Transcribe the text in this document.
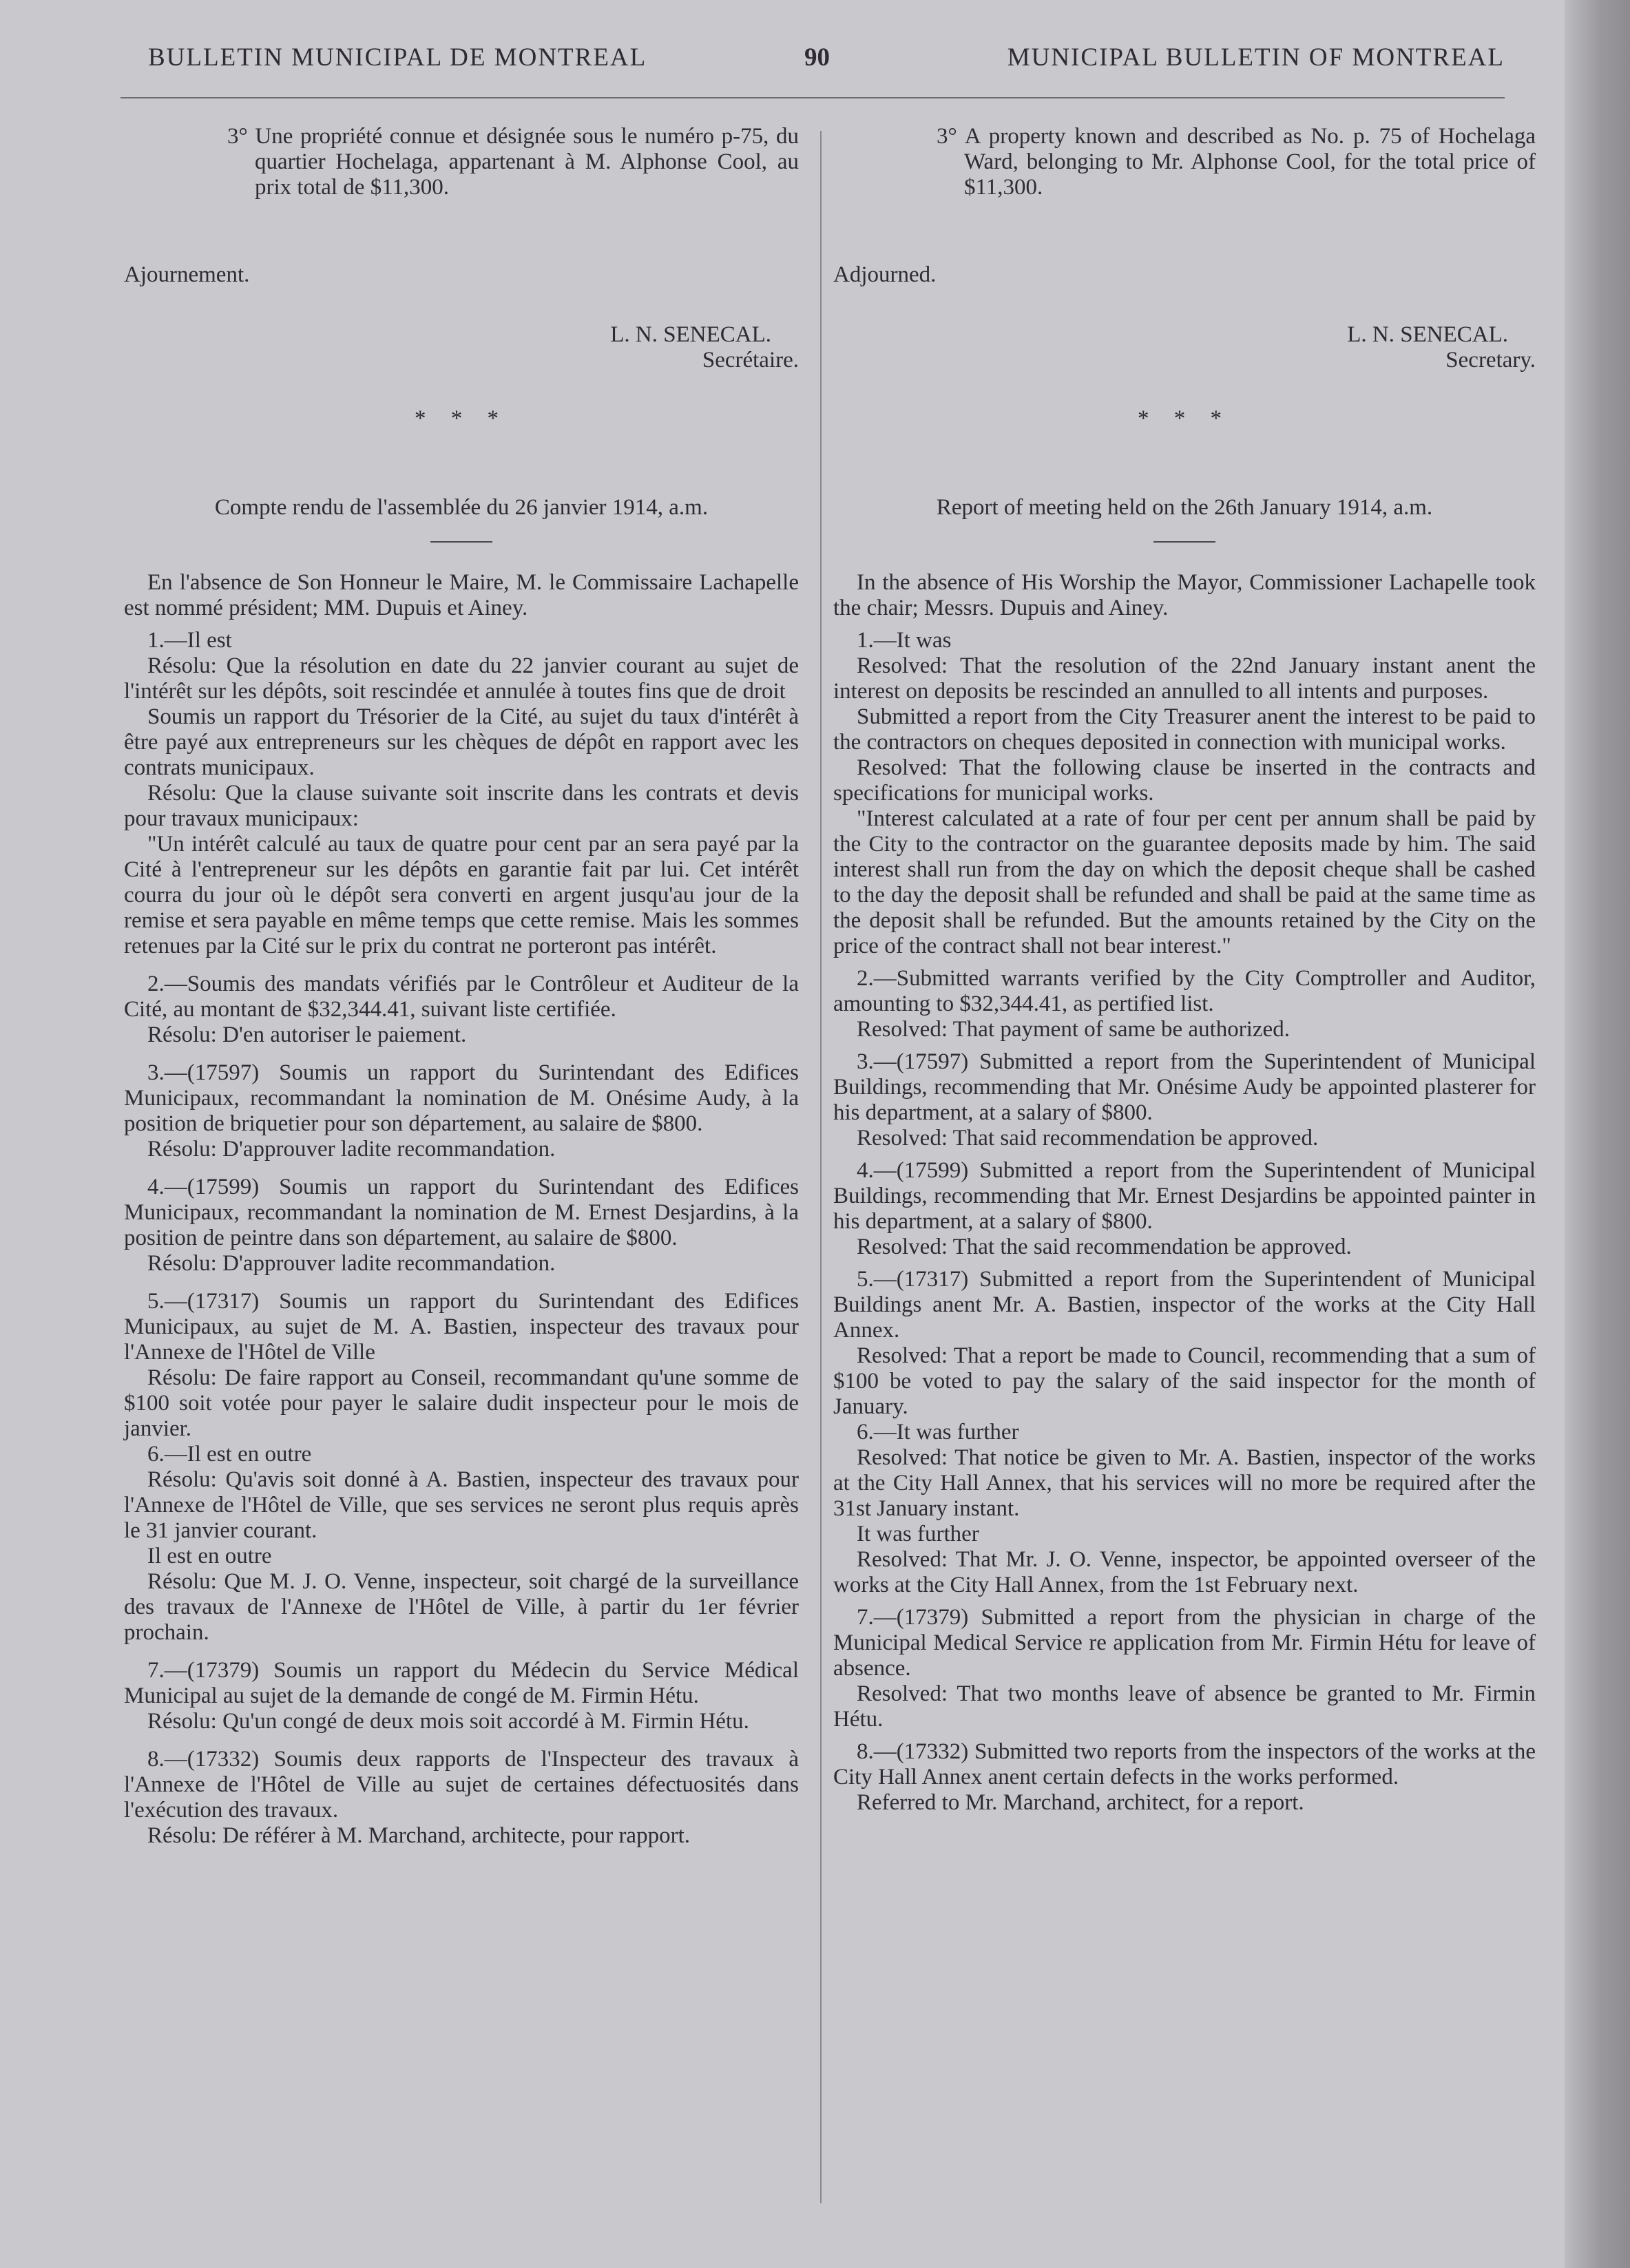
BULLETIN MUNICIPAL DE MONTREAL	90	MUNICIPAL BULLETIN OF MONTREAL

3° Une propriété connue et désignée sous le numéro p-75, du quartier Hochelaga, appartenant à M. Alphonse Cool, au prix total de $11,300.

Ajournement.

L. N. SENECAL.

Secrétaire.

* * *

Compte rendu de l'assemblée du 26 janvier 1914, a.m.

En l'absence de Son Honneur le Maire, M. le Commissaire Lachapelle est nommé président; MM. Dupuis et Ainey.

1.—Il est

Résolu: Que la résolution en date du 22 janvier courant au sujet de l'intérêt sur les dépôts, soit rescindée et annulée à toutes fins que de droit

Soumis un rapport du Trésorier de la Cité, au sujet du taux d'intérêt à être payé aux entrepreneurs sur les chèques de dépôt en rapport avec les contrats municipaux.

Résolu: Que la clause suivante soit inscrite dans les contrats et devis pour travaux municipaux:

"Un intérêt calculé au taux de quatre pour cent par an sera payé par la Cité à l'entrepreneur sur les dépôts en garantie fait par lui. Cet intérêt courra du jour où le dépôt sera converti en argent jusqu'au jour de la remise et sera payable en même temps que cette remise. Mais les sommes retenues par la Cité sur le prix du contrat ne porteront pas intérêt.

2.—Soumis des mandats vérifiés par le Contrôleur et Auditeur de la Cité, au montant de $32,344.41, suivant liste certifiée.

Résolu: D'en autoriser le paiement.

3.—(17597) Soumis un rapport du Surintendant des Edifices Municipaux, recommandant la nomination de M. Onésime Audy, à la position de briquetier pour son département, au salaire de $800.

Résolu: D'approuver ladite recommandation.

4.—(17599) Soumis un rapport du Surintendant des Edifices Municipaux, recommandant la nomination de M. Ernest Desjardins, à la position de peintre dans son département, au salaire de $800.

Résolu: D'approuver ladite recommandation.

5.—(17317) Soumis un rapport du Surintendant des Edifices Municipaux, au sujet de M. A. Bastien, inspecteur des travaux pour l'Annexe de l'Hôtel de Ville

Résolu: De faire rapport au Conseil, recommandant qu'une somme de $100 soit votée pour payer le salaire dudit inspecteur pour le mois de janvier.

6.—Il est en outre

Résolu: Qu'avis soit donné à A. Bastien, inspecteur des travaux pour l'Annexe de l'Hôtel de Ville, que ses services ne seront plus requis après le 31 janvier courant.

Il est en outre

Résolu: Que M. J. O. Venne, inspecteur, soit chargé de la surveillance des travaux de l'Annexe de l'Hôtel de Ville, à partir du 1er février prochain.

7.—(17379) Soumis un rapport du Médecin du Service Médical Municipal au sujet de la demande de congé de M. Firmin Hétu.

Résolu: Qu'un congé de deux mois soit accordé à M. Firmin Hétu.

8.—(17332) Soumis deux rapports de l'Inspecteur des travaux à l'Annexe de l'Hôtel de Ville au sujet de certaines défectuosités dans l'exécution des travaux.

Résolu: De référer à M. Marchand, architecte, pour rapport.

3° A property known and described as No. p. 75 of Hochelaga Ward, belonging to Mr. Alphonse Cool, for the total price of $11,300.

Adjourned.

L. N. SENECAL.

Secretary.

* * *

Report of meeting held on the 26th January 1914, a.m.

In the absence of His Worship the Mayor, Commissioner Lachapelle took the chair; Messrs. Dupuis and Ainey.

1.—It was

Resolved: That the resolution of the 22nd January instant anent the interest on deposits be rescinded an annulled to all intents and purposes.

Submitted a report from the City Treasurer anent the interest to be paid to the contractors on cheques deposited in connection with municipal works.

Resolved: That the following clause be inserted in the contracts and specifications for municipal works.

"Interest calculated at a rate of four per cent per annum shall be paid by the City to the contractor on the guarantee deposits made by him. The said interest shall run from the day on which the deposit cheque shall be cashed to the day the deposit shall be refunded and shall be paid at the same time as the deposit shall be refunded. But the amounts retained by the City on the price of the contract shall not bear interest."

2.—Submitted warrants verified by the City Comptroller and Auditor, amounting to $32,344.41, as pertified list.

Resolved: That payment of same be authorized.

3.—(17597) Submitted a report from the Superintendent of Municipal Buildings, recommending that Mr. Onésime Audy be appointed plasterer for his department, at a salary of $800.

Resolved: That said recommendation be approved.

4.—(17599) Submitted a report from the Superintendent of Municipal Buildings, recommending that Mr. Ernest Desjardins be appointed painter in his department, at a salary of $800.

Resolved: That the said recommendation be approved.

5.—(17317) Submitted a report from the Superintendent of Municipal Buildings anent Mr. A. Bastien, inspector of the works at the City Hall Annex.

Resolved: That a report be made to Council, recommending that a sum of $100 be voted to pay the salary of the said inspector for the month of January.

6.—It was further

Resolved: That notice be given to Mr. A. Bastien, inspector of the works at the City Hall Annex, that his services will no more be required after the 31st January instant.

It was further

Resolved: That Mr. J. O. Venne, inspector, be appointed overseer of the works at the City Hall Annex, from the 1st February next.

7.—(17379) Submitted a report from the physician in charge of the Municipal Medical Service re application from Mr. Firmin Hétu for leave of absence.

Resolved: That two months leave of absence be granted to Mr. Firmin Hétu.

8.—(17332) Submitted two reports from the inspectors of the works at the City Hall Annex anent certain defects in the works performed.

Referred to Mr. Marchand, architect, for a report.
